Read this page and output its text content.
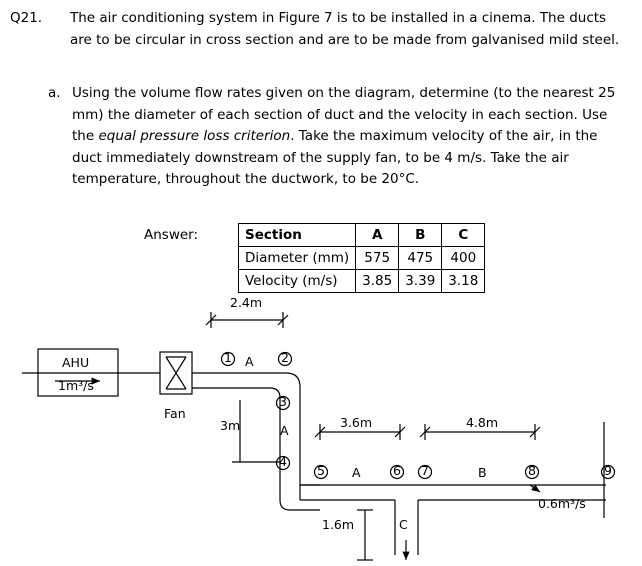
Q21. The air conditioning system in Figure 7 is to be installed in a cinema. The ducts are to be circular in cross section and are to be made from galvanised mild steel.
a. Using the volume flow rates given on the diagram, determine (to the nearest 25 mm) the diameter of each section of duct and the velocity in each section. Use the equal pressure loss criterion. Take the maximum velocity of the air, in the duct immediately downstream of the supply fan, to be 4 m/s. Take the air temperature, throughout the ductwork, to be 20°C.
Answer:	Section	A	B	C
Diameter (mm)	575	475	400
Velocity (m/s)	3.85	3.39	3.18
1	2
3
4
5	6 7	8	9
AHU
1m³/s
Fan
2.4m
3m
A
A
A
3.6m	4.8m
B
C
1.6m
0.6m³/s
